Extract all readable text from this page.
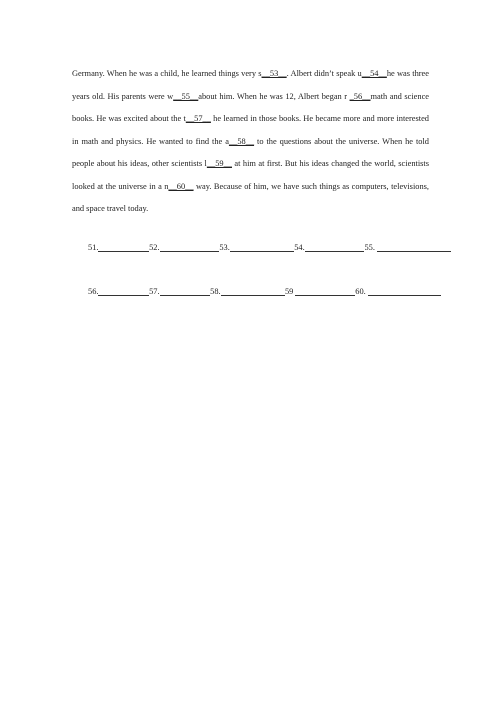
Germany. When he was a child, he learned things very s__53__. Albert didn’t speak u__54__he was three years old. His parents were w__55__about him. When he was 12, Albert began r _56__math and science books. He was excited about the t__57__ he learned in those books. He became more and more interested in math and physics. He wanted to find the a__58__ to the questions about the universe. When he told people about his ideas, other scientists l__59__ at him at first. But his ideas changed the world, scientists looked at the universe in a n__60__ way. Because of him, we have such things as computers, televisions, and space travel today.

51.	52.	53.	54.	55.
56.	57.	58.	59	60.
